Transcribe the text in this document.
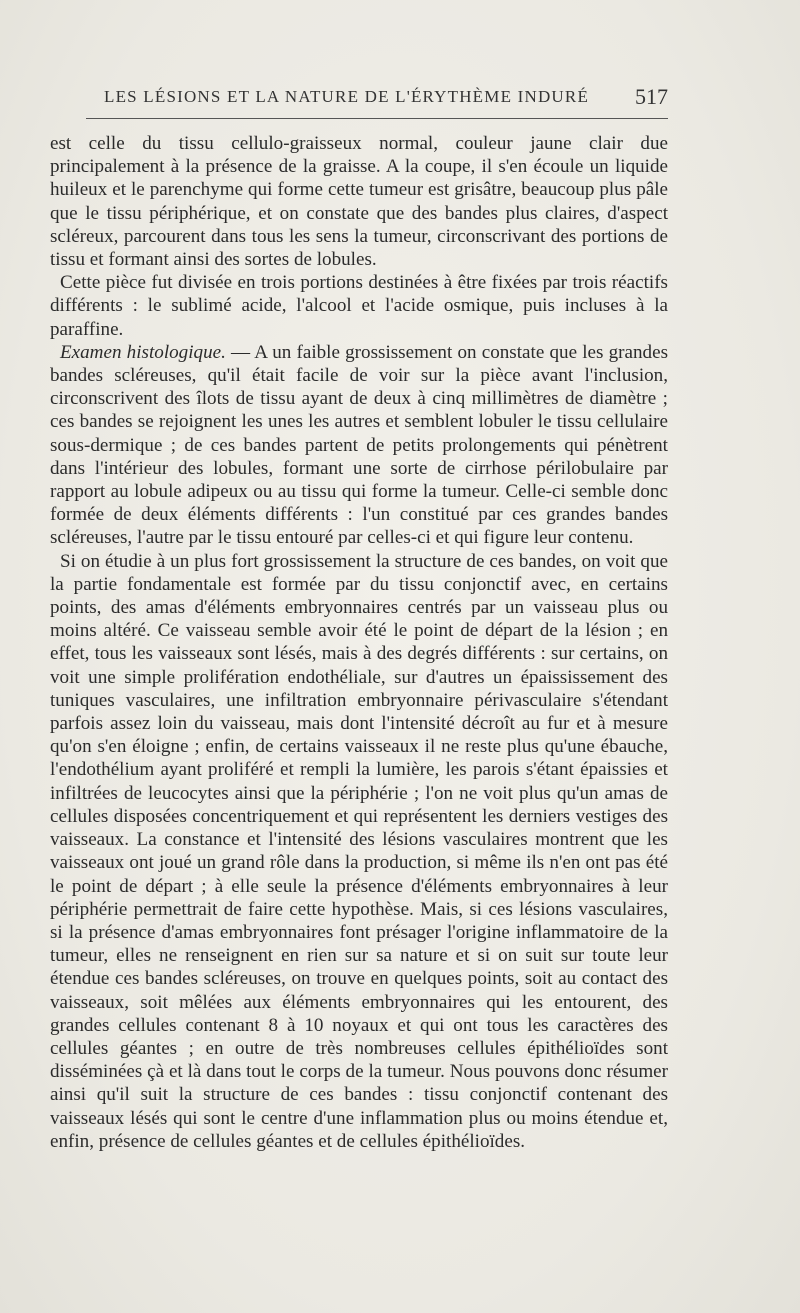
LES LÉSIONS ET LA NATURE DE L'ÉRYTHÈME INDURÉ 517

est celle du tissu cellulo-graisseux normal, couleur jaune clair due principalement à la présence de la graisse. A la coupe, il s'en écoule un liquide huileux et le parenchyme qui forme cette tumeur est grisâtre, beaucoup plus pâle que le tissu périphérique, et on constate que des bandes plus claires, d'aspect scléreux, parcourent dans tous les sens la tumeur, circonscrivant des portions de tissu et formant ainsi des sortes de lobules.

Cette pièce fut divisée en trois portions destinées à être fixées par trois réactifs différents : le sublimé acide, l'alcool et l'acide osmique, puis incluses à la paraffine.

Examen histologique. — A un faible grossissement on constate que les grandes bandes scléreuses, qu'il était facile de voir sur la pièce avant l'inclusion, circonscrivent des îlots de tissu ayant de deux à cinq millimètres de diamètre ; ces bandes se rejoignent les unes les autres et semblent lobuler le tissu cellulaire sous-dermique ; de ces bandes partent de petits prolongements qui pénètrent dans l'intérieur des lobules, formant une sorte de cirrhose périlobulaire par rapport au lobule adipeux ou au tissu qui forme la tumeur. Celle-ci semble donc formée de deux éléments différents : l'un constitué par ces grandes bandes scléreuses, l'autre par le tissu entouré par celles-ci et qui figure leur contenu.

Si on étudie à un plus fort grossissement la structure de ces bandes, on voit que la partie fondamentale est formée par du tissu conjonctif avec, en certains points, des amas d'éléments embryonnaires centrés par un vaisseau plus ou moins altéré. Ce vaisseau semble avoir été le point de départ de la lésion ; en effet, tous les vaisseaux sont lésés, mais à des degrés différents : sur certains, on voit une simple prolifération endothéliale, sur d'autres un épaississement des tuniques vasculaires, une infiltration embryonnaire périvasculaire s'étendant parfois assez loin du vaisseau, mais dont l'intensité décroît au fur et à mesure qu'on s'en éloigne ; enfin, de certains vaisseaux il ne reste plus qu'une ébauche, l'endothélium ayant proliféré et rempli la lumière, les parois s'étant épaissies et infiltrées de leucocytes ainsi que la périphérie ; l'on ne voit plus qu'un amas de cellules disposées concentriquement et qui représentent les derniers vestiges des vaisseaux. La constance et l'intensité des lésions vasculaires montrent que les vaisseaux ont joué un grand rôle dans la production, si même ils n'en ont pas été le point de départ ; à elle seule la présence d'éléments embryonnaires à leur périphérie permettrait de faire cette hypothèse. Mais, si ces lésions vasculaires, si la présence d'amas embryonnaires font présager l'origine inflammatoire de la tumeur, elles ne renseignent en rien sur sa nature et si on suit sur toute leur étendue ces bandes scléreuses, on trouve en quelques points, soit au contact des vaisseaux, soit mêlées aux éléments embryonnaires qui les entourent, des grandes cellules contenant 8 à 10 noyaux et qui ont tous les caractères des cellules géantes ; en outre de très nombreuses cellules épithélioïdes sont disséminées çà et là dans tout le corps de la tumeur. Nous pouvons donc résumer ainsi qu'il suit la structure de ces bandes : tissu conjonctif contenant des vaisseaux lésés qui sont le centre d'une inflammation plus ou moins étendue et, enfin, présence de cellules géantes et de cellules épithélioïdes.
